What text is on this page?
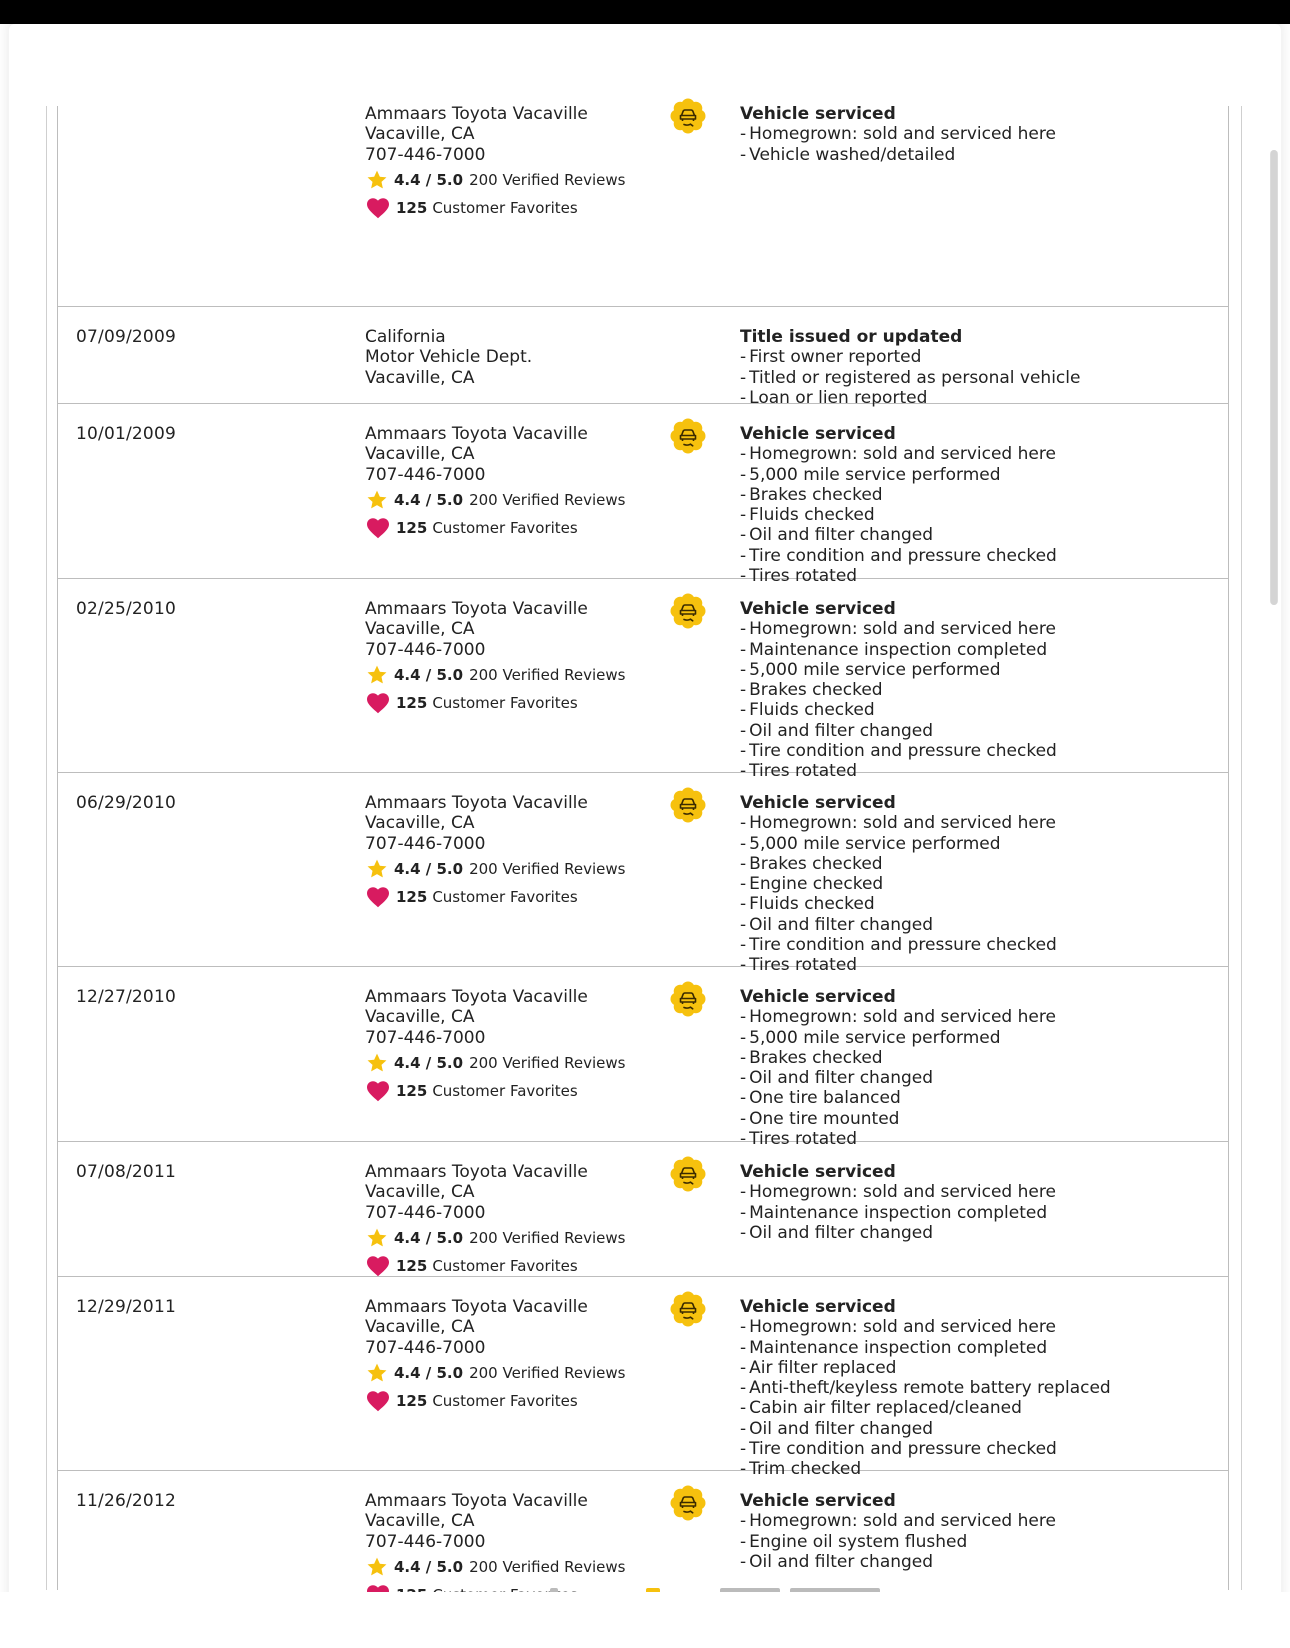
Ammaars Toyota Vacaville
Vacaville, CA
707-446-7000
4.4 / 5.0 200 Verified Reviews
125 Customer Favorites
Vehicle serviced
- Homegrown: sold and serviced here
- Vehicle washed/detailed
07/09/2009	California
Motor Vehicle Dept.
Vacaville, CA
Title issued or updated
- First owner reported
- Titled or registered as personal vehicle
- Loan or lien reported
10/01/2009	Ammaars Toyota Vacaville
Vacaville, CA
707-446-7000
4.4 / 5.0 200 Verified Reviews
125 Customer Favorites
Vehicle serviced
- Homegrown: sold and serviced here
- 5,000 mile service performed
- Brakes checked
- Fluids checked
- Oil and filter changed
- Tire condition and pressure checked
- Tires rotated
02/25/2010	Ammaars Toyota Vacaville
Vacaville, CA
707-446-7000
4.4 / 5.0 200 Verified Reviews
125 Customer Favorites
Vehicle serviced
- Homegrown: sold and serviced here
- Maintenance inspection completed
- 5,000 mile service performed
- Brakes checked
- Fluids checked
- Oil and filter changed
- Tire condition and pressure checked
- Tires rotated
06/29/2010	Ammaars Toyota Vacaville
Vacaville, CA
707-446-7000
4.4 / 5.0 200 Verified Reviews
125 Customer Favorites
Vehicle serviced
- Homegrown: sold and serviced here
- 5,000 mile service performed
- Brakes checked
- Engine checked
- Fluids checked
- Oil and filter changed
- Tire condition and pressure checked
- Tires rotated
12/27/2010	Ammaars Toyota Vacaville
Vacaville, CA
707-446-7000
4.4 / 5.0 200 Verified Reviews
125 Customer Favorites
Vehicle serviced
- Homegrown: sold and serviced here
- 5,000 mile service performed
- Brakes checked
- Oil and filter changed
- One tire balanced
- One tire mounted
- Tires rotated
07/08/2011	Ammaars Toyota Vacaville
Vacaville, CA
707-446-7000
4.4 / 5.0 200 Verified Reviews
125 Customer Favorites
Vehicle serviced
- Homegrown: sold and serviced here
- Maintenance inspection completed
- Oil and filter changed
12/29/2011	Ammaars Toyota Vacaville
Vacaville, CA
707-446-7000
4.4 / 5.0 200 Verified Reviews
125 Customer Favorites
Vehicle serviced
- Homegrown: sold and serviced here
- Maintenance inspection completed
- Air filter replaced
- Anti-theft/keyless remote battery replaced
- Cabin air filter replaced/cleaned
- Oil and filter changed
- Tire condition and pressure checked
- Trim checked
11/26/2012	Ammaars Toyota Vacaville
Vacaville, CA
707-446-7000
4.4 / 5.0 200 Verified Reviews
Vehicle serviced
- Homegrown: sold and serviced here
- Engine oil system flushed
- Oil and filter changed
